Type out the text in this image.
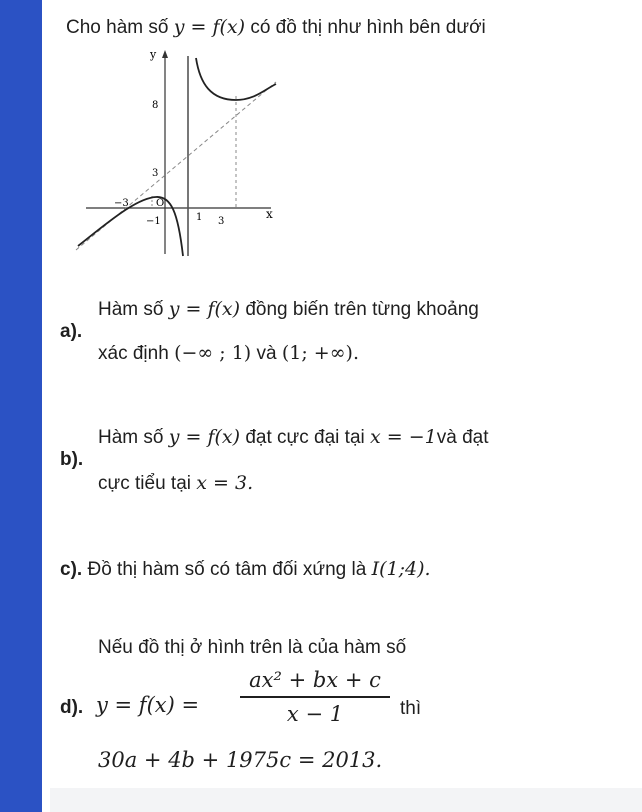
Cho hàm số y = f(x) có đồ thị như hình bên dưới
y
x
O
8
3
−3
−1	1 3
a).
Hàm số y = f(x) đồng biến trên từng khoảng
xác định (−∞ ; 1) và (1; +∞).
b).
Hàm số y = f(x) đạt cực đại tại x = −1và đạt
cực tiểu tại x = 3.
c). Đồ thị hàm số có tâm đối xứng là I(1;4).
Nếu đồ thị ở hình trên là của hàm số
d). y = f(x) =
ax² + bx + c
x − 1	thì
30a + 4b + 1975c = 2013.
